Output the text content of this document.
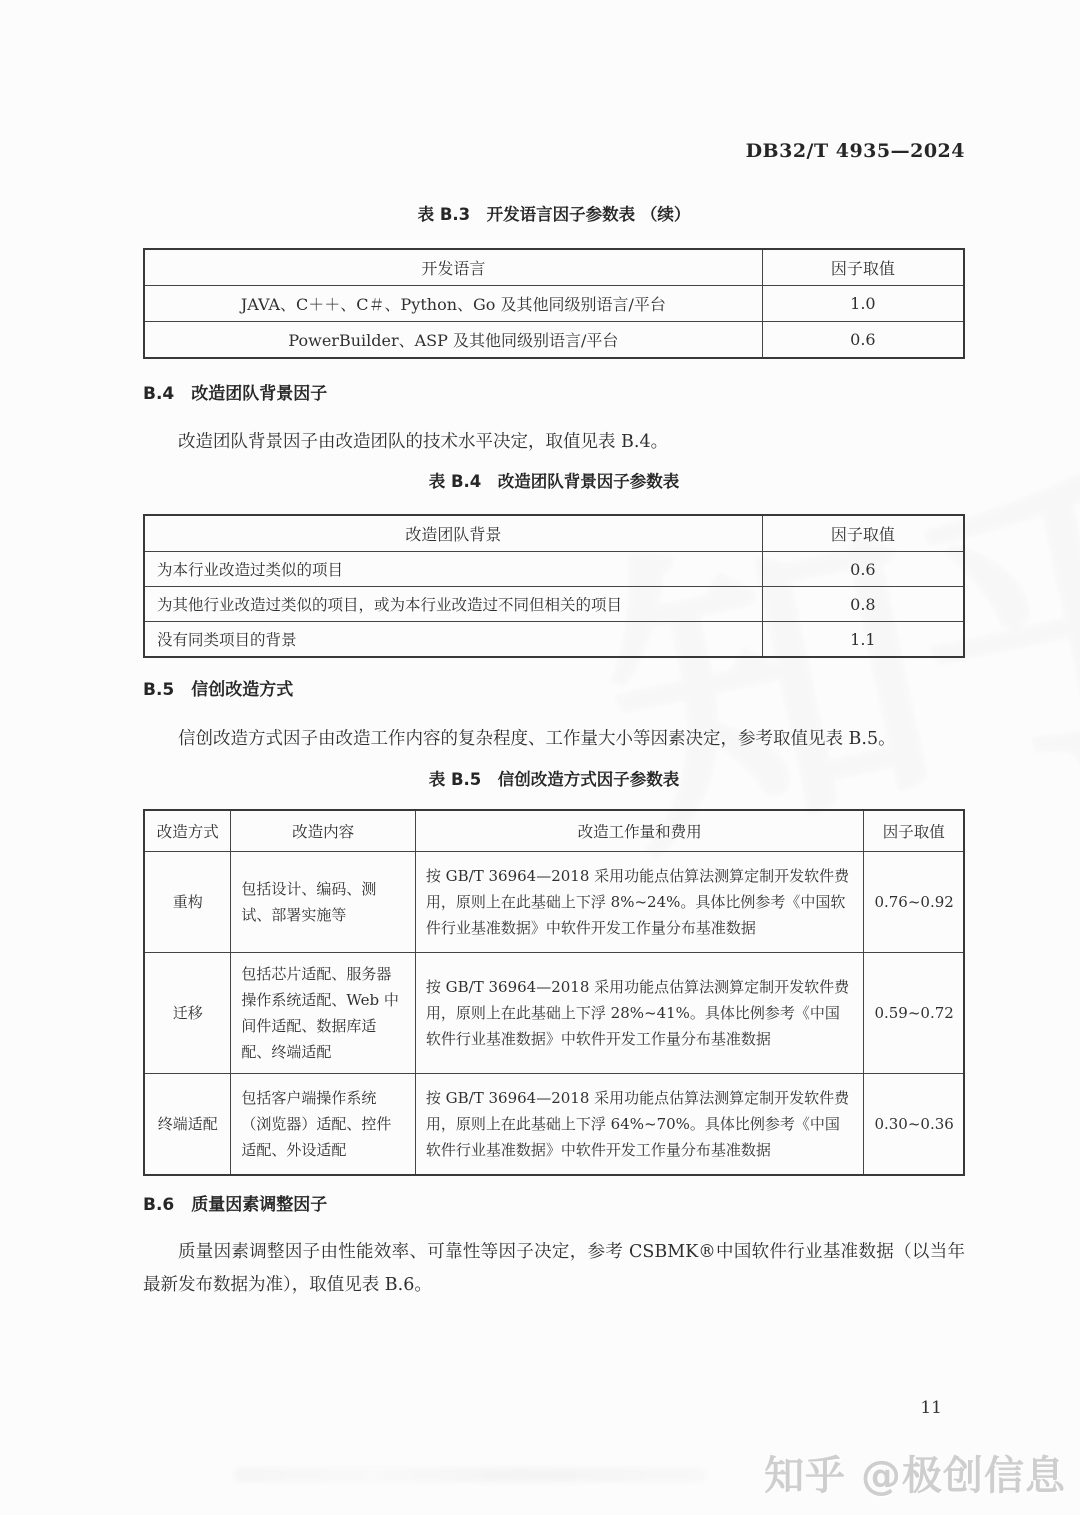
DB32/T 4935—2024
表 B.3　开发语言因子参数表 （续）
开发语言	因子取值
JAVA、C＋＋、C＃、Python、Go 及其他同级别语言/平台	1.0
PowerBuilder、ASP 及其他同级别语言/平台	0.6
B.4　改造团队背景因子
改造团队背景因子由改造团队的技术水平决定，取值见表 B.4。
表 B.4　改造团队背景因子参数表
改造团队背景	因子取值
为本行业改造过类似的项目	0.6
为其他行业改造过类似的项目，或为本行业改造过不同但相关的项目	0.8
没有同类项目的背景	1.1
B.5　信创改造方式
信创改造方式因子由改造工作内容的复杂程度、工作量大小等因素决定，参考取值见表 B.5。
表 B.5　信创改造方式因子参数表
改造方式	改造内容	改造工作量和费用	因子取值
重构	包括设计、编码、测试、部署实施等	按 GB/T 36964—2018 采用功能点估算法测算定制开发软件费用，原则上在此基础上下浮 8%~24%。具体比例参考《中国软件行业基准数据》中软件开发工作量分布基准数据	0.76~0.92
迁移	包括芯片适配、服务器操作系统适配、Web 中间件适配、数据库适配、终端适配	按 GB/T 36964—2018 采用功能点估算法测算定制开发软件费用，原则上在此基础上下浮 28%~41%。具体比例参考《中国软件行业基准数据》中软件开发工作量分布基准数据	0.59~0.72
终端适配	包括客户端操作系统（浏览器）适配、控件适配、外设适配	按 GB/T 36964—2018 采用功能点估算法测算定制开发软件费用，原则上在此基础上下浮 64%~70%。具体比例参考《中国软件行业基准数据》中软件开发工作量分布基准数据	0.30~0.36
B.6　质量因素调整因子
质量因素调整因子由性能效率、可靠性等因子决定，参考 CSBMK®中国软件行业基准数据（以当年最新发布数据为准），取值见表 B.6。
11
知乎 @极创信息
